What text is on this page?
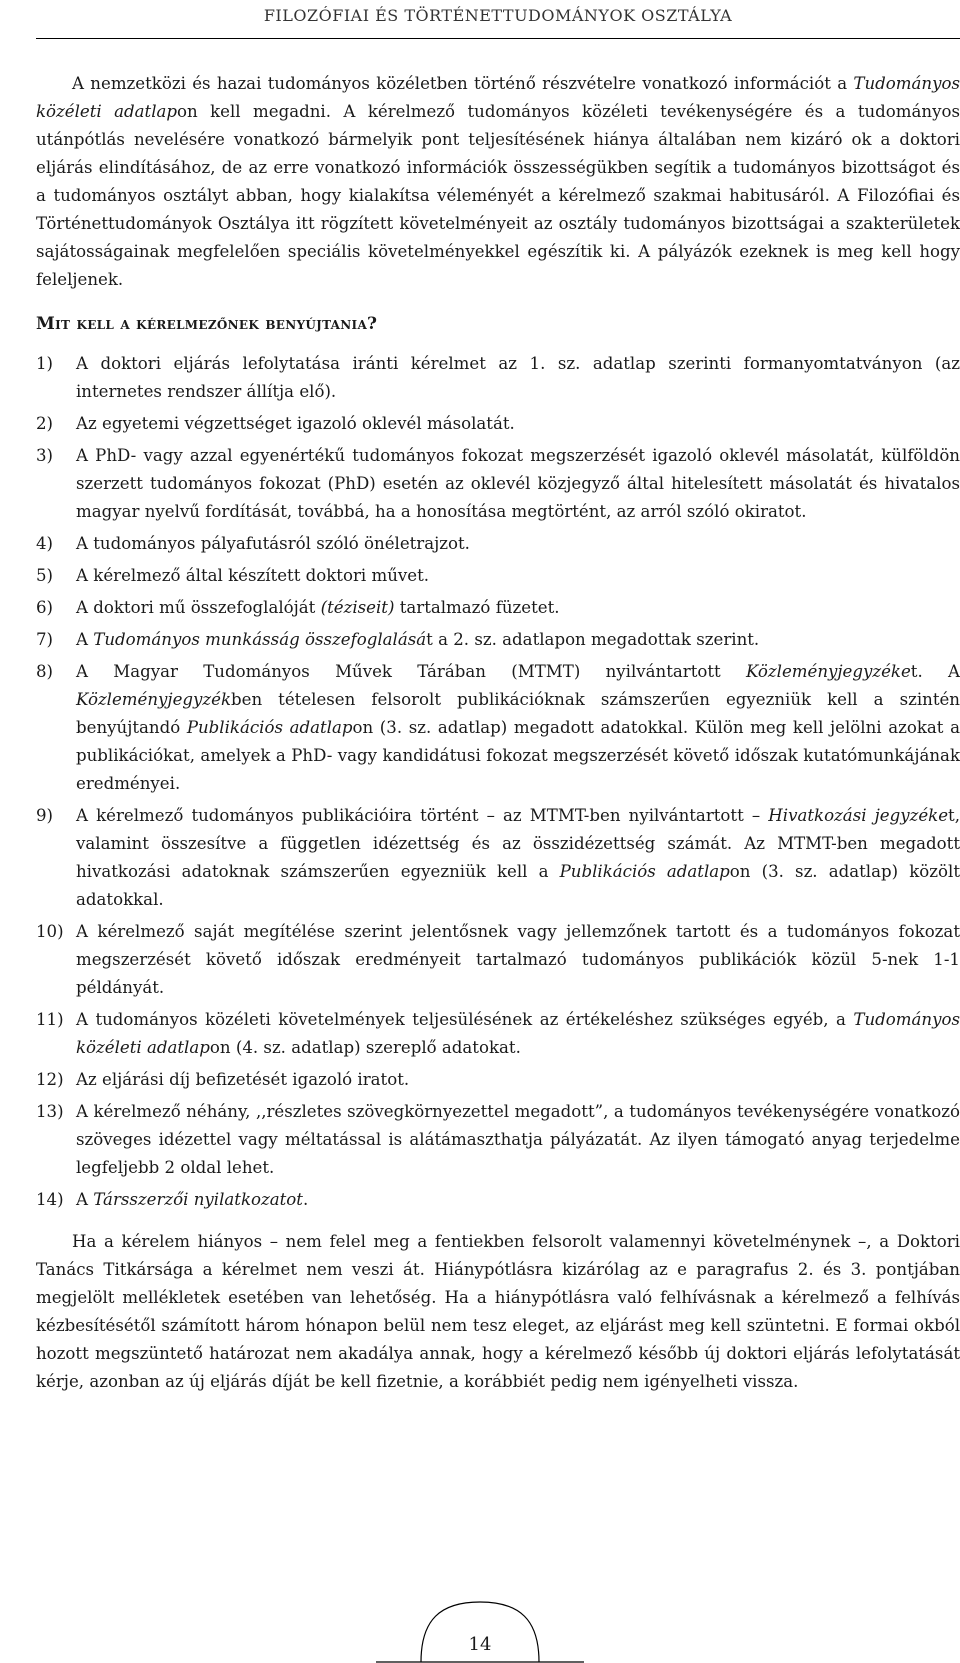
FILOZÓFIAI ÉS TÖRTÉNETTUDOMÁNYOK OSZTÁLYA

A nemzetközi és hazai tudományos közéletben történő részvételre vonatkozó információt a Tudományos közéleti adatlapon kell megadni. A kérelmező tudományos közéleti tevékenységére és a tudományos utánpótlás nevelésére vonatkozó bármelyik pont teljesítésének hiánya általában nem kizáró ok a doktori eljárás elindításához, de az erre vonatkozó információk összességükben segítik a tudományos bizottságot és a tudományos osztályt abban, hogy kialakítsa véleményét a kérelmező szakmai habitusáról. A Filozófiai és Történettudományok Osztálya itt rögzített követelményeit az osztály tudományos bizottságai a szakterületek sajátosságainak megfelelően speciális követelményekkel egészítik ki. A pályázók ezeknek is meg kell hogy feleljenek.

Mit kell a kérelmezőnek benyújtania?
1)	A doktori eljárás lefolytatása iránti kérelmet az 1. sz. adatlap szerinti formanyomtatványon (az internetes rendszer állítja elő).
2)	Az egyetemi végzettséget igazoló oklevél másolatát.
3)	A PhD- vagy azzal egyenértékű tudományos fokozat megszerzését igazoló oklevél másolatát, külföldön szerzett tudományos fokozat (PhD) esetén az oklevél közjegyző által hitelesített másolatát és hivatalos magyar nyelvű fordítását, továbbá, ha a honosítása megtörtént, az arról szóló okiratot.
4)	A tudományos pályafutásról szóló önéletrajzot.
5)	A kérelmező által készített doktori művet.
6)	A doktori mű összefoglalóját (téziseit) tartalmazó füzetet.
7)	A Tudományos munkásság összefoglalását a 2. sz. adatlapon megadottak szerint.
8)	A Magyar Tudományos Művek Tárában (MTMT) nyilvántartott Közleményjegyzéket. A Közleményjegyzékben tételesen felsorolt publikációknak számszerűen egyezniük kell a szintén benyújtandó Publikációs adatlapon (3. sz. adatlap) megadott adatokkal. Külön meg kell jelölni azokat a publikációkat, amelyek a PhD- vagy kandidátusi fokozat megszerzését követő időszak kutatómunkájának eredményei.
9)	A kérelmező tudományos publikációira történt – az MTMT-ben nyilvántartott – Hivatkozási jegyzéket, valamint összesítve a független idézettség és az összidézettség számát. Az MTMT-ben megadott hivatkozási adatoknak számszerűen egyezniük kell a Publikációs adatlapon (3. sz. adatlap) közölt adatokkal.
10) A kérelmező saját megítélése szerint jelentősnek vagy jellemzőnek tartott és a tudományos fokozat megszerzését követő időszak eredményeit tartalmazó tudományos publikációk közül 5-nek 1-1 példányát.
11) A tudományos közéleti követelmények teljesülésének az értékeléshez szükséges egyéb, a Tudományos közéleti adatlapon (4. sz. adatlap) szereplő adatokat.
12) Az eljárási díj befizetését igazoló iratot.
13) A kérelmező néhány, ,,részletes szövegkörnyezettel megadott”, a tudományos tevékenységére vonatkozó szöveges idézettel vagy méltatással is alátámaszthatja pályázatát. Az ilyen támogató anyag terjedelme legfeljebb 2 oldal lehet.
14) A Társszerzői nyilatkozatot.

Ha a kérelem hiányos – nem felel meg a fentiekben felsorolt valamennyi követelménynek –, a Doktori Tanács Titkársága a kérelmet nem veszi át. Hiánypótlásra kizárólag az e paragrafus 2. és 3. pontjában megjelölt mellékletek esetében van lehetőség. Ha a hiánypótlásra való felhívásnak a kérelmező a felhívás kézbesítésétől számított három hónapon belül nem tesz eleget, az eljárást meg kell szüntetni. E formai okból hozott megszüntető határozat nem akadálya annak, hogy a kérelmező később új doktori eljárás lefolytatását kérje, azonban az új eljárás díját be kell fizetnie, a korábbiét pedig nem igényelheti vissza.

14
